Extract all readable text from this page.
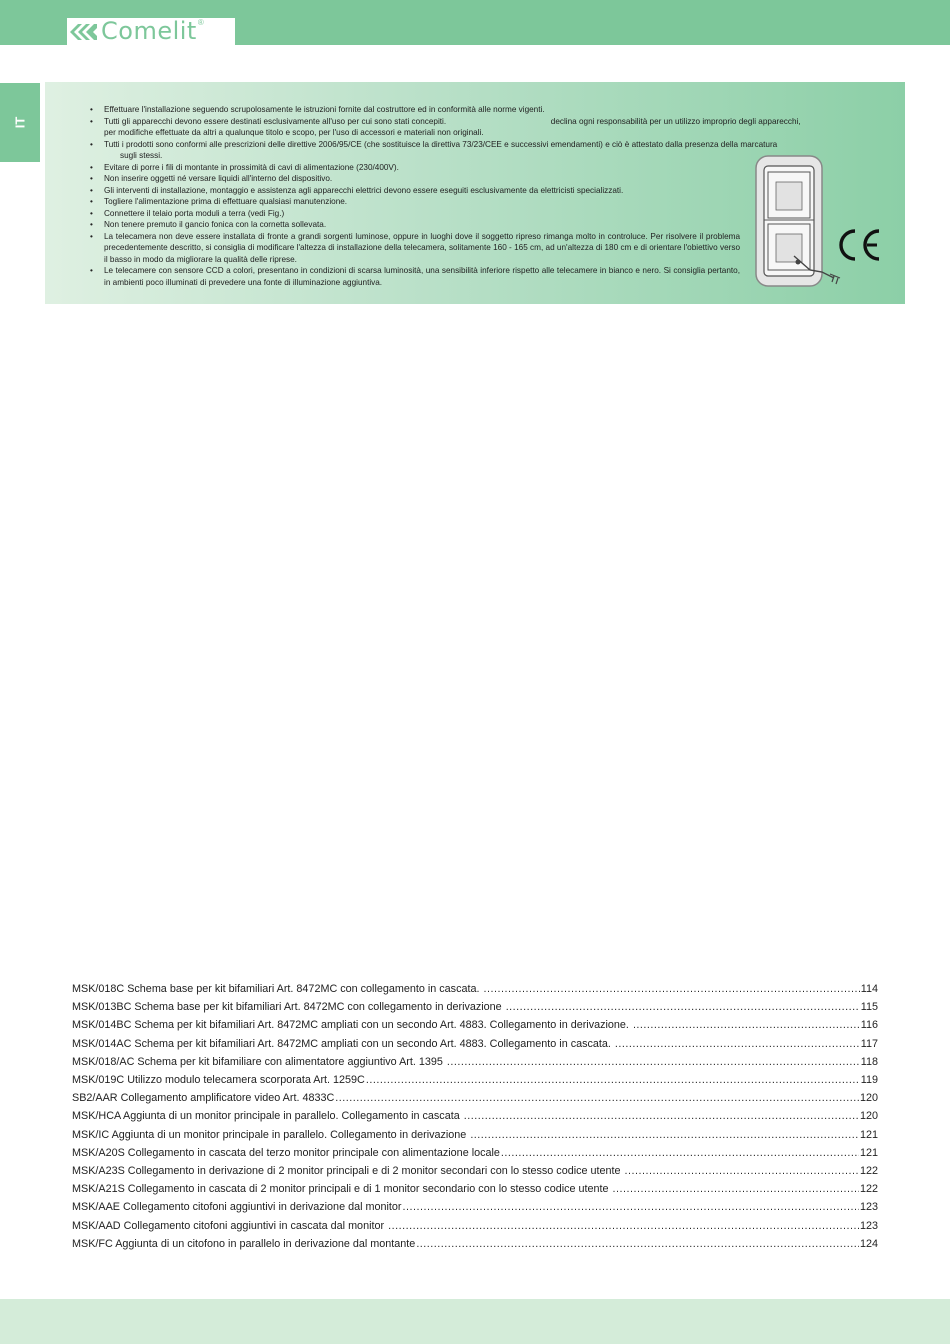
Comelit ®
IT
• Effettuare l'installazione seguendo scrupolosamente le istruzioni fornite dal costruttore ed in conformità alle norme vigenti.
• Tutti gli apparecchi devono essere destinati esclusivamente all'uso per cui sono stati concepiti.                                              declina ogni responsabilità per un utilizzo improprio degli apparecchi,
per modifiche effettuate da altri a qualunque titolo e scopo, per l'uso di accessori e materiali non originali.
• Tutti i prodotti sono conformi alle prescrizioni delle direttive 2006/95/CE (che sostituisce la direttiva 73/23/CEE e successivi emendamenti) e ciò è attestato dalla presenza della marcatura
sugli stessi.
• Evitare di porre i fili di montante in prossimità di cavi di alimentazione (230/400V).
• Non inserire oggetti né versare liquidi all'interno del dispositivo.
• Gli interventi di installazione, montaggio e assistenza agli apparecchi elettrici devono essere eseguiti esclusivamente da elettricisti specializzati.
• Togliere l'alimentazione prima di effettuare qualsiasi manutenzione.
• Connettere il telaio porta moduli a terra (vedi Fig.)
• Non tenere premuto il gancio fonica con la cornetta sollevata.
• La telecamera non deve essere installata di fronte a grandi sorgenti luminose, oppure in luoghi dove il soggetto ripreso rimanga molto in controluce. Per risolvere il problema precedentemente descritto, si consiglia di modificare l'altezza di installazione della telecamera, solitamente 160 - 165 cm, ad un'altezza di 180 cm e di orientare l'obiettivo verso il basso in modo da migliorare la qualità delle riprese.
• Le telecamere con sensore CCD a colori, presentano in condizioni di scarsa luminosità, una sensibilità inferiore rispetto alle telecamere in bianco e nero. Si consiglia pertanto, in ambienti poco illuminati di prevedere una fonte di illuminazione aggiuntiva.
MSK/018C Schema base per kit bifamiliari Art. 8472MC con collegamento in cascata. .....	114
MSK/013BC Schema base per kit bifamiliari Art. 8472MC con collegamento in derivazione .....	115
MSK/014BC Schema per kit bifamiliari Art. 8472MC ampliati con un secondo Art. 4883. Collegamento in derivazione. .....	116
MSK/014AC Schema per kit bifamiliari Art. 8472MC ampliati con un secondo Art. 4883. Collegamento in cascata. .....	117
MSK/018/AC Schema per kit bifamiliare con alimentatore aggiuntivo Art. 1395 .....	118
MSK/019C Utilizzo modulo telecamera scorporata Art. 1259C .....	119
SB2/AAR Collegamento amplificatore video Art. 4833C .....	120
MSK/HCA Aggiunta di un monitor principale in parallelo. Collegamento in cascata .....	120
MSK/IC Aggiunta di un monitor principale in parallelo. Collegamento in derivazione .....	121
MSK/A20S Collegamento in cascata del terzo monitor principale con alimentazione locale .....	121
MSK/A23S Collegamento in derivazione di 2 monitor principali e di 2 monitor secondari con lo stesso codice utente .....	122
MSK/A21S Collegamento in cascata di 2 monitor principali e di 1 monitor secondario con lo stesso codice utente .....	122
MSK/AAE Collegamento citofoni aggiuntivi in derivazione dal monitor .....	123
MSK/AAD Collegamento citofoni aggiuntivi in cascata dal monitor .....	123
MSK/FC Aggiunta di un citofono in parallelo in derivazione dal montante .....	124
